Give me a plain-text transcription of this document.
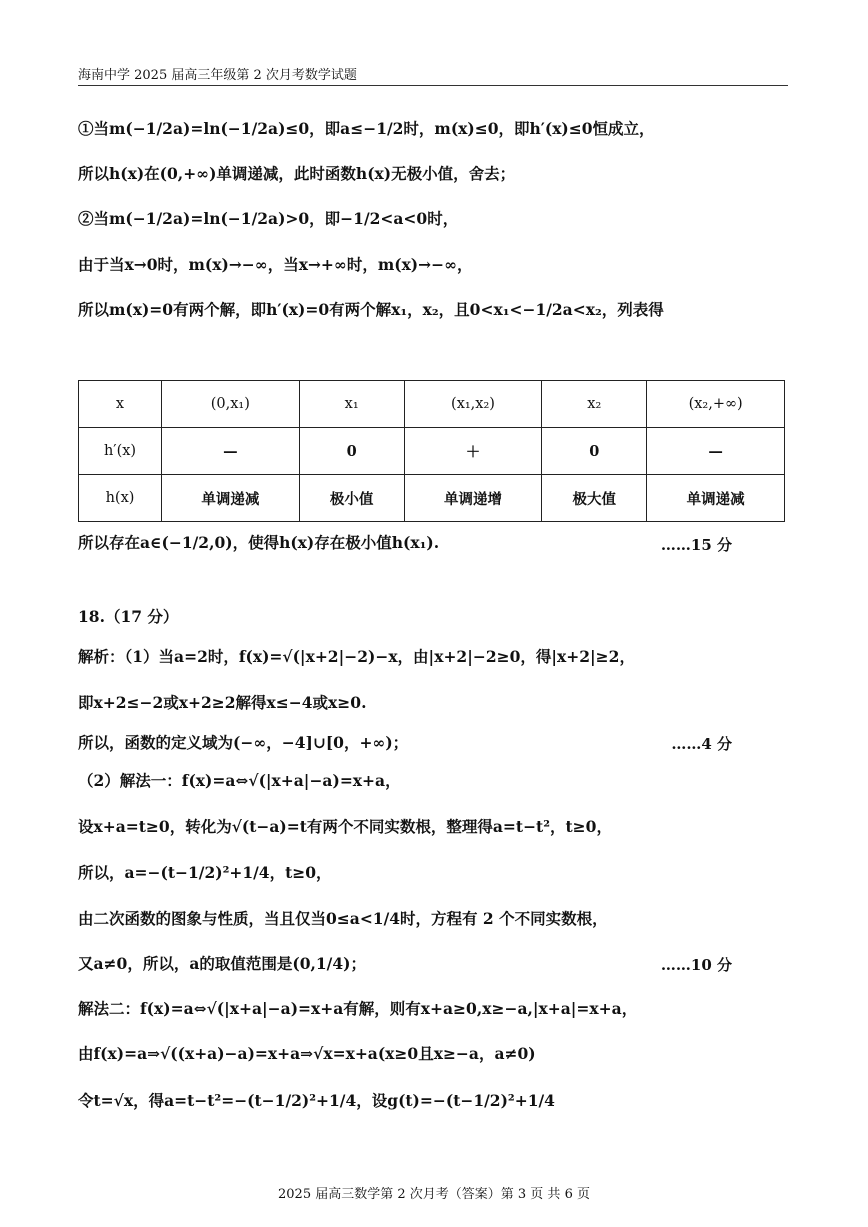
海南中学 2025 届高三年级第 2 次月考数学试题
①当m(−1/2a)=ln(−1/2a)≤0，即a≤−1/2时，m(x)≤0，即h′(x)≤0恒成立，
所以h(x)在(0,+∞)单调递减，此时函数h(x)无极小值，舍去；
②当m(−1/2a)=ln(−1/2a)>0，即−1/2<a<0时，
由于当x→0时，m(x)→−∞，当x→+∞时，m(x)→−∞，
所以m(x)=0有两个解，即h′(x)=0有两个解x₁，x₂，且0<x₁<−1/2a<x₂，列表得
x	(0,x₁)	x₁	(x₁,x₂)	x₂	(x₂,+∞)
h′(x)	—	0	＋	0	—
h(x)	单调递减	极小值	单调递增	极大值	单调递减
所以存在a∈(−1/2,0)，使得h(x)存在极小值h(x₁).	……15 分
18.（17 分）
解析：（1）当a=2时，f(x)=√(|x+2|−2)−x，由|x+2|−2≥0，得|x+2|≥2，
即x+2≤−2或x+2≥2解得x≤−4或x≥0.
所以，函数的定义域为(−∞，−4]∪[0，+∞)；	……4 分
（2）解法一：f(x)=a⇔√(|x+a|−a)=x+a，
设x+a=t≥0，转化为√(t−a)=t有两个不同实数根，整理得a=t−t²，t≥0，
所以，a=−(t−1/2)²+1/4，t≥0，
由二次函数的图象与性质，当且仅当0≤a<1/4时，方程有 2 个不同实数根，
又a≠0，所以，a的取值范围是(0,1/4)；	……10 分
解法二：f(x)=a⇔√(|x+a|−a)=x+a有解，则有x+a≥0,x≥−a,|x+a|=x+a，
由f(x)=a⇒√((x+a)−a)=x+a⇒√x=x+a(x≥0且x≥−a，a≠0)
令t=√x，得a=t−t²=−(t−1/2)²+1/4，设g(t)=−(t−1/2)²+1/4
2025 届高三数学第 2 次月考（答案）第 3 页 共 6 页
